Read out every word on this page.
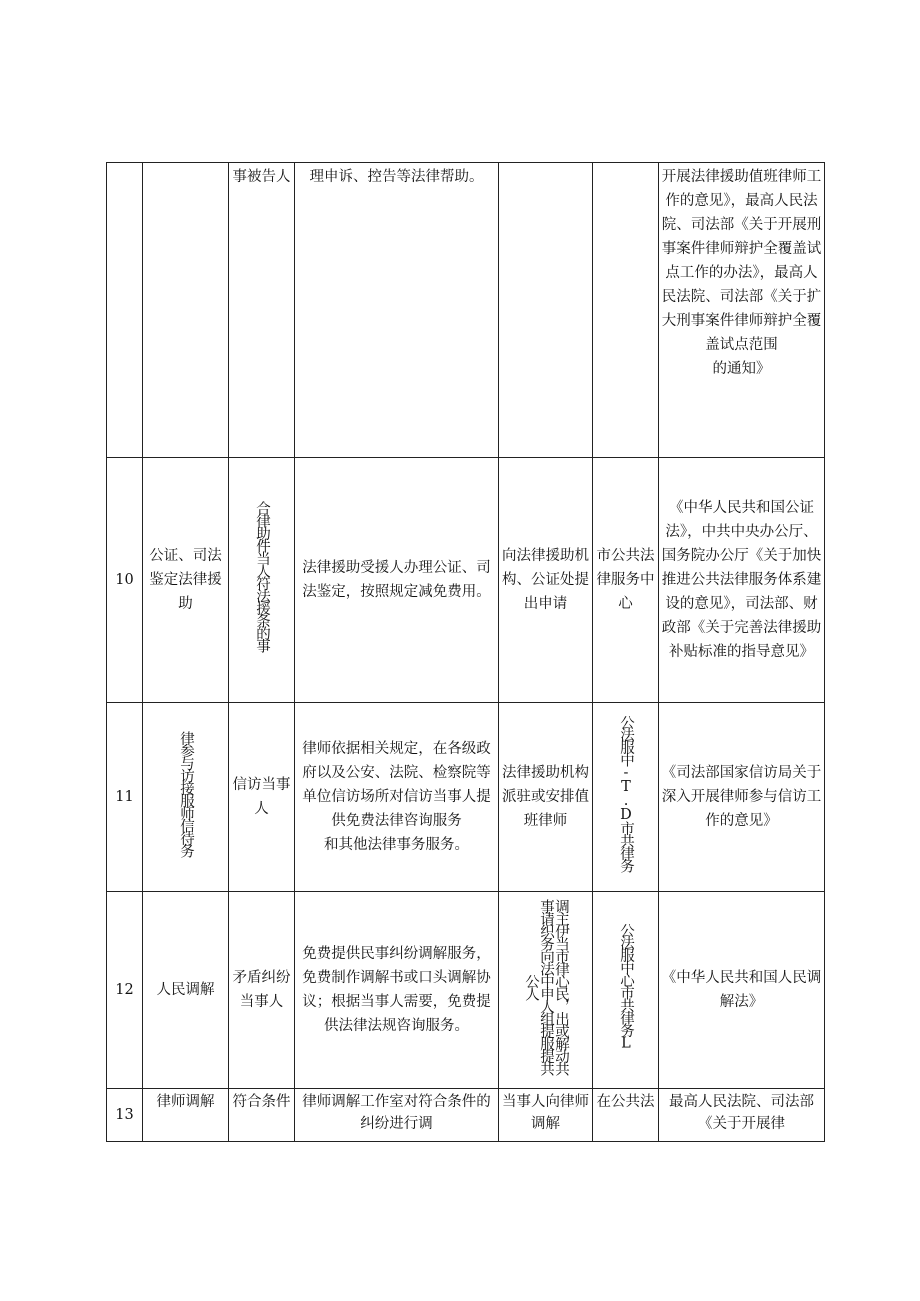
		事被告人	理申诉、控告等法律帮助。			开展法律援助值班律师工作的意见》，最高人民法院、司法部《关于开展刑事案件律师辩护全覆盖试点工作的办法》，最高人民法院、司法部《关于扩大刑事案件律师辩护全覆盖试点范围
的通知》
10	公证、司法鉴定法律援助	合律助件当人符法援条的事	法律援助受援人办理公证、司法鉴定，按照规定减免费用。	向法律援助机构、公证处提出申请	市公共法律服务中心	《中华人民共和国公证法》，中共中央办公厅、国务院办公厅《关于加快推进公共法律服务体系建设的意见》，司法部、财政部《关于完善法律援助补贴标准的指导意见》
11	律参与访接服师信待务	信访当事人	律师依据相关规定，在各级政府以及公安、法院、检察院等单位信访场所对信访当事人提供免费法律咨询服务
和其他法律事务服务。	法律援助机构派驻或安排值班律师	公法服中-T.D市共律务	《司法部国家信访局关于深入开展律师参与信访工作的意见》
12	人民调解	矛盾纠纷当事人	免费提供民事纠纷调解服务，免费制作调解书或口头调解协议；根据当事人需要，免费提供法律法规咨询服务。	调主伊当市律心民，出或解动共事请织务向法中申人组提服提共公人	公法服中心市共律务L	《中华人民共和国人民调解法》
13	律师调解	符合条件	律师调解工作室对符合条件的纠纷进行调	当事人向律师调解	在公共法	最高人民法院、司法部《关于开展律
